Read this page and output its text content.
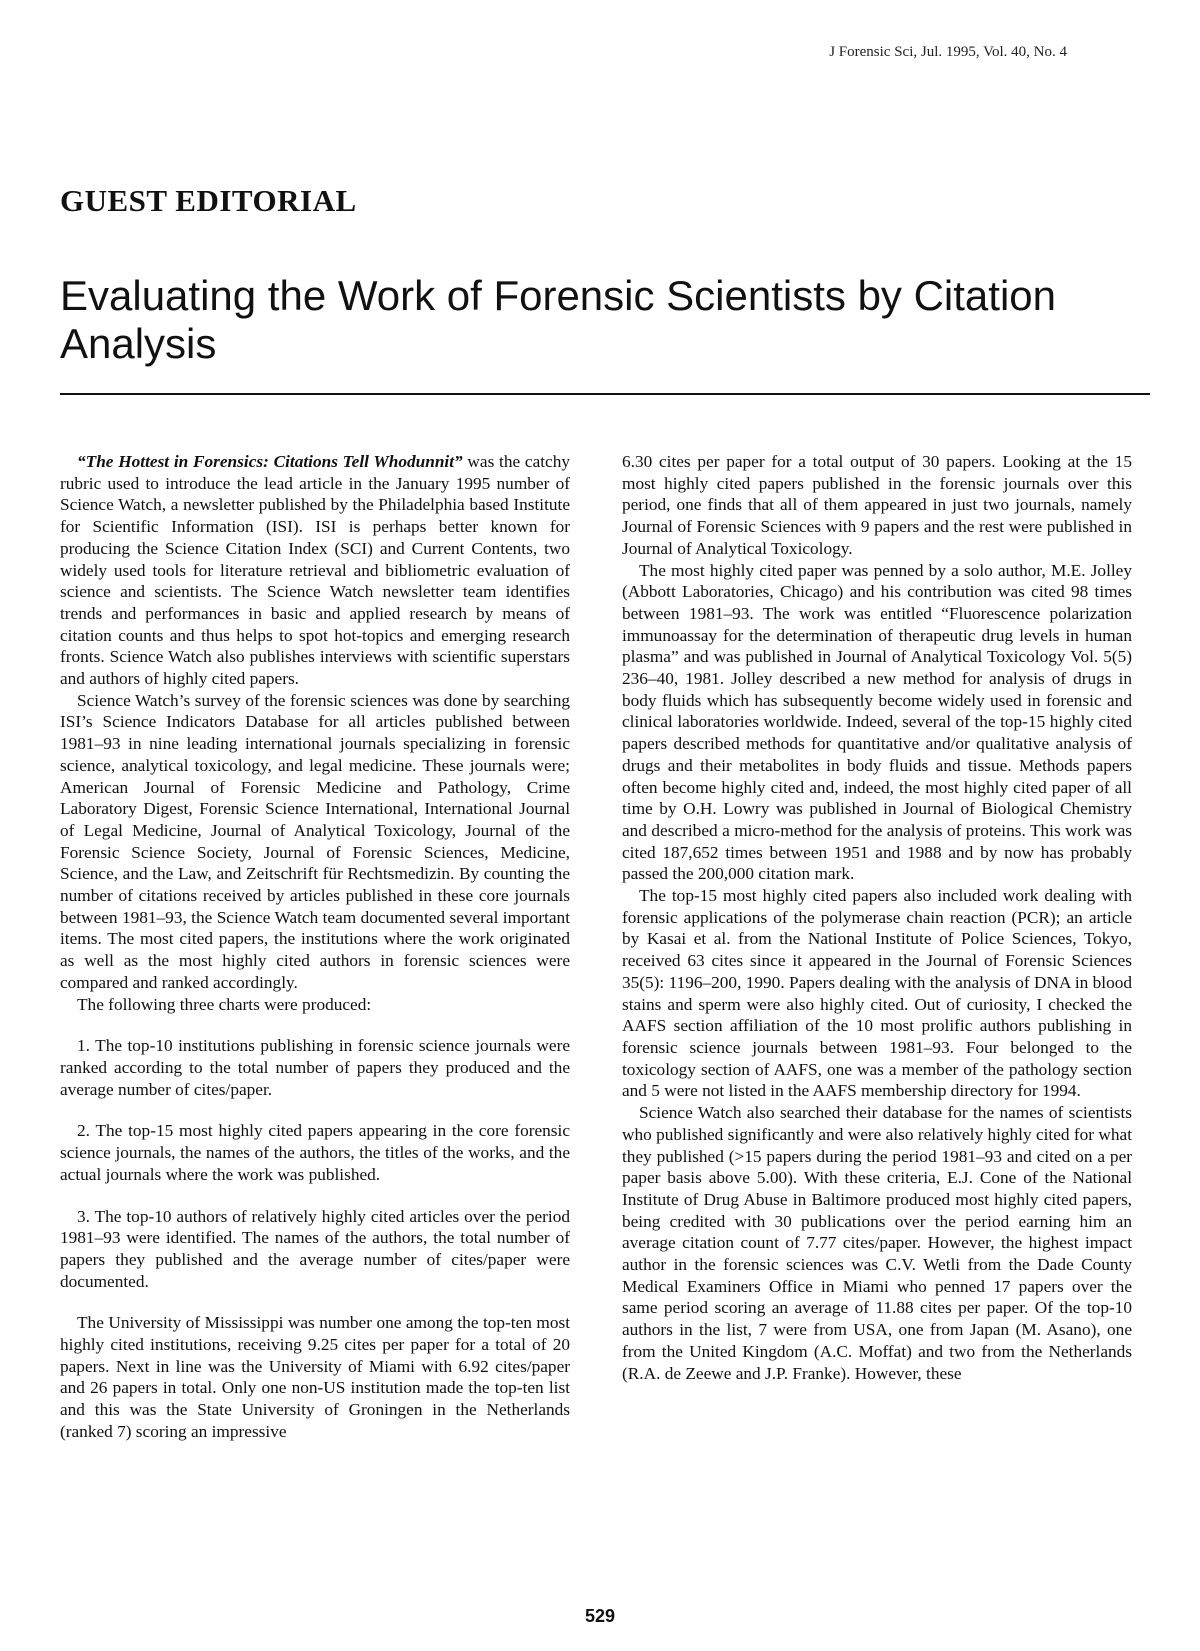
J Forensic Sci, Jul. 1995, Vol. 40, No. 4
GUEST EDITORIAL
Evaluating the Work of Forensic Scientists by Citation Analysis

“The Hottest in Forensics: Citations Tell Whodunnit” was the catchy rubric used to introduce the lead article in the January 1995 number of Science Watch, a newsletter published by the Philadelphia based Institute for Scientific Information (ISI). ISI is perhaps better known for producing the Science Citation Index (SCI) and Current Contents, two widely used tools for literature retrieval and bibliometric evaluation of science and scientists. The Science Watch newsletter team identifies trends and performances in basic and applied research by means of citation counts and thus helps to spot hot-topics and emerging research fronts. Science Watch also publishes interviews with scientific superstars and authors of highly cited papers.

Science Watch’s survey of the forensic sciences was done by searching ISI’s Science Indicators Database for all articles published between 1981–93 in nine leading international journals specializing in forensic science, analytical toxicology, and legal medicine. These journals were; American Journal of Forensic Medicine and Pathology, Crime Laboratory Digest, Forensic Science International, International Journal of Legal Medicine, Journal of Analytical Toxicology, Journal of the Forensic Science Society, Journal of Forensic Sciences, Medicine, Science, and the Law, and Zeitschrift für Rechtsmedizin. By counting the number of citations received by articles published in these core journals between 1981–93, the Science Watch team documented several important items. The most cited papers, the institutions where the work originated as well as the most highly cited authors in forensic sciences were compared and ranked accordingly.

The following three charts were produced:

1. The top-10 institutions publishing in forensic science journals were ranked according to the total number of papers they produced and the average number of cites/paper.

2. The top-15 most highly cited papers appearing in the core forensic science journals, the names of the authors, the titles of the works, and the actual journals where the work was published.

3. The top-10 authors of relatively highly cited articles over the period 1981–93 were identified. The names of the authors, the total number of papers they published and the average number of cites/paper were documented.

The University of Mississippi was number one among the top-ten most highly cited institutions, receiving 9.25 cites per paper for a total of 20 papers. Next in line was the University of Miami with 6.92 cites/paper and 26 papers in total. Only one non-US institution made the top-ten list and this was the State University of Groningen in the Netherlands (ranked 7) scoring an impressive

6.30 cites per paper for a total output of 30 papers. Looking at the 15 most highly cited papers published in the forensic journals over this period, one finds that all of them appeared in just two journals, namely Journal of Forensic Sciences with 9 papers and the rest were published in Journal of Analytical Toxicology.

The most highly cited paper was penned by a solo author, M.E. Jolley (Abbott Laboratories, Chicago) and his contribution was cited 98 times between 1981–93. The work was entitled “Fluorescence polarization immunoassay for the determination of therapeutic drug levels in human plasma” and was published in Journal of Analytical Toxicology Vol. 5(5) 236–40, 1981. Jolley described a new method for analysis of drugs in body fluids which has subsequently become widely used in forensic and clinical laboratories worldwide. Indeed, several of the top-15 highly cited papers described methods for quantitative and/or qualitative analysis of drugs and their metabolites in body fluids and tissue. Methods papers often become highly cited and, indeed, the most highly cited paper of all time by O.H. Lowry was published in Journal of Biological Chemistry and described a micro-method for the analysis of proteins. This work was cited 187,652 times between 1951 and 1988 and by now has probably passed the 200,000 citation mark.

The top-15 most highly cited papers also included work dealing with forensic applications of the polymerase chain reaction (PCR); an article by Kasai et al. from the National Institute of Police Sciences, Tokyo, received 63 cites since it appeared in the Journal of Forensic Sciences 35(5): 1196–200, 1990. Papers dealing with the analysis of DNA in blood stains and sperm were also highly cited. Out of curiosity, I checked the AAFS section affiliation of the 10 most prolific authors publishing in forensic science journals between 1981–93. Four belonged to the toxicology section of AAFS, one was a member of the pathology section and 5 were not listed in the AAFS membership directory for 1994.

Science Watch also searched their database for the names of scientists who published significantly and were also relatively highly cited for what they published (>15 papers during the period 1981–93 and cited on a per paper basis above 5.00). With these criteria, E.J. Cone of the National Institute of Drug Abuse in Baltimore produced most highly cited papers, being credited with 30 publications over the period earning him an average citation count of 7.77 cites/paper. However, the highest impact author in the forensic sciences was C.V. Wetli from the Dade County Medical Examiners Office in Miami who penned 17 papers over the same period scoring an average of 11.88 cites per paper. Of the top-10 authors in the list, 7 were from USA, one from Japan (M. Asano), one from the United Kingdom (A.C. Moffat) and two from the Netherlands (R.A. de Zeewe and J.P. Franke). However, these

529
